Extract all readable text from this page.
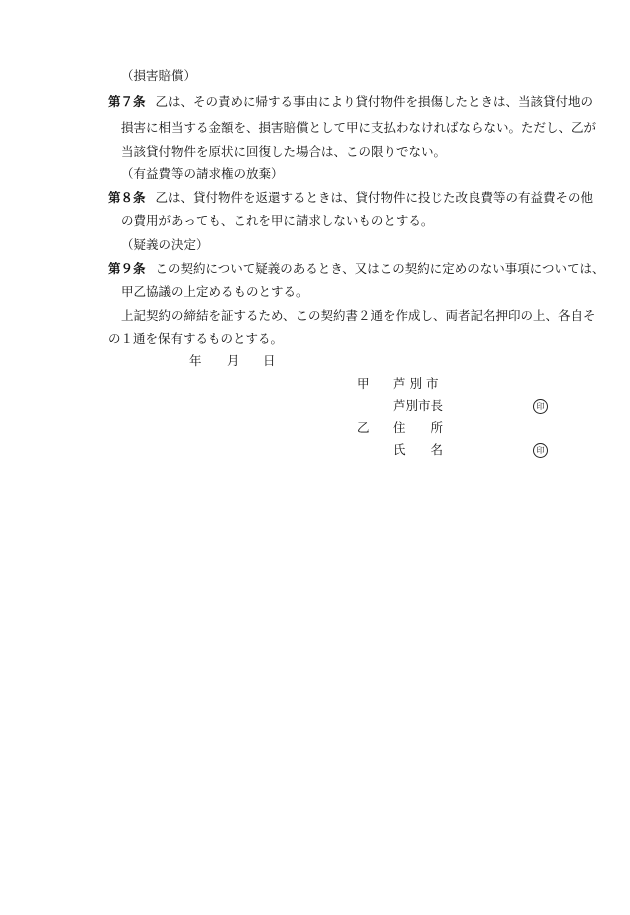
（損害賠償）
第７条 乙は、その責めに帰する事由により貸付物件を損傷したときは、当該貸付地の
損害に相当する金額を、損害賠償として甲に支払わなければならない。ただし、乙が
当該貸付物件を原状に回復した場合は、この限りでない。
（有益費等の請求権の放棄）
第８条 乙は、貸付物件を返還するときは、貸付物件に投じた改良費等の有益費その他
の費用があっても、これを甲に請求しないものとする。
（疑義の決定）
第９条 この契約について疑義のあるとき、又はこの契約に定めのない事項については、
甲乙協議の上定めるものとする。
上記契約の締結を証するため、この契約書２通を作成し、両者記名押印の上、各自そ
の１通を保有するものとする。
年 月 日
甲 芦 別 市
芦別市長	印
乙 住　　所
氏　　名	印
